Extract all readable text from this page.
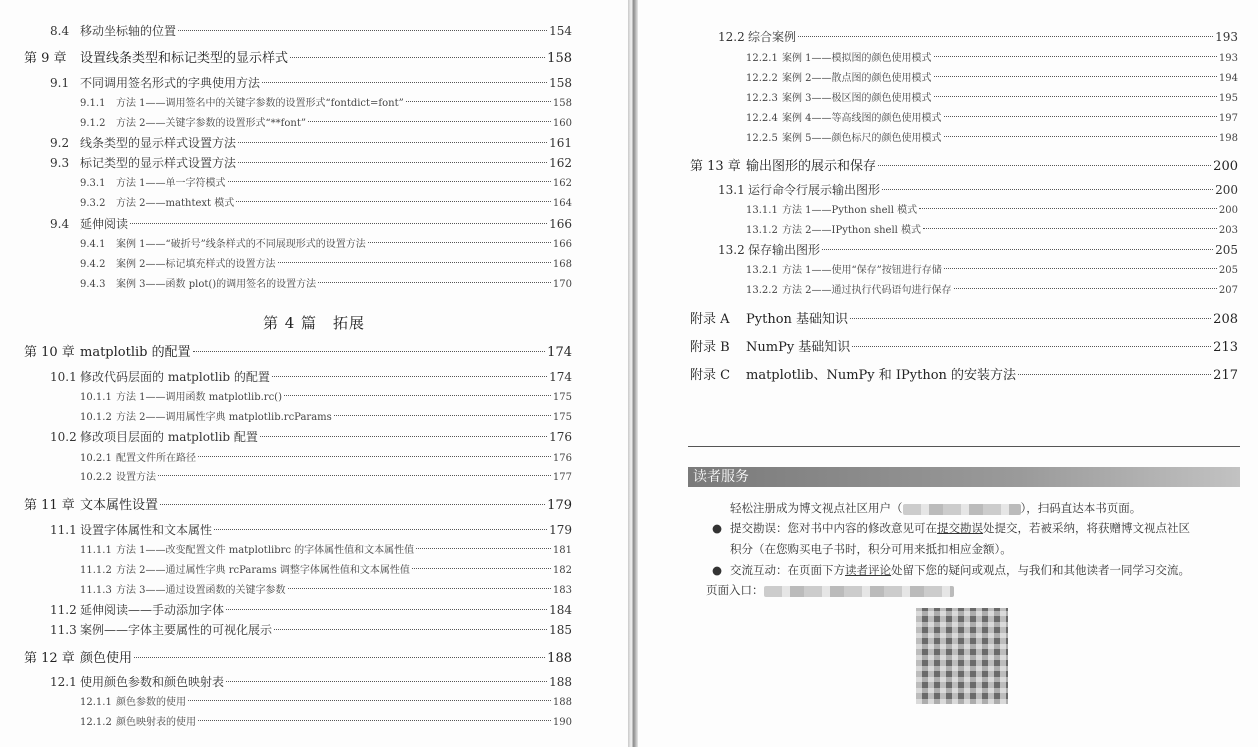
8.4 移动坐标轴的位置	154
第 9 章	设置线条类型和标记类型的显示样式	158
9.1 不同调用签名形式的字典使用方法	158
9.1.1	方法 1——调用签名中的关键字参数的设置形式“fontdict=font”	158
9.1.2	方法 2——关键字参数的设置形式“**font”	160
9.2 线条类型的显示样式设置方法	161
9.3 标记类型的显示样式设置方法	162
9.3.1	方法 1——单一字符模式	162
9.3.2	方法 2——mathtext 模式	164
9.4 延伸阅读	166
9.4.1	案例 1——“破折号”线条样式的不同展现形式的设置方法	166
9.4.2	案例 2——标记填充样式的设置方法	168
9.4.3	案例 3——函数 plot()的调用签名的设置方法	170
第 4 篇　拓展
第 10 章 matplotlib 的配置	174
10.1 修改代码层面的 matplotlib 的配置	174
10.1.1 方法 1——调用函数 matplotlib.rc()	175
10.1.2 方法 2——调用属性字典 matplotlib.rcParams	175
10.2 修改项目层面的 matplotlib 配置	176
10.2.1 配置文件所在路径	176
10.2.2 设置方法	177
第 11 章 文本属性设置	179
11.1 设置字体属性和文本属性	179
11.1.1 方法 1——改变配置文件 matplotlibrc 的字体属性值和文本属性值	181
11.1.2 方法 2——通过属性字典 rcParams 调整字体属性值和文本属性值	182
11.1.3 方法 3——通过设置函数的关键字参数	183
11.2 延伸阅读——手动添加字体	184
11.3 案例——字体主要属性的可视化展示	185
第 12 章 颜色使用	188
12.1 使用颜色参数和颜色映射表	188
12.1.1 颜色参数的使用	188
12.1.2 颜色映射表的使用	190
12.2 综合案例	193
12.2.1 案例 1——模拟图的颜色使用模式	193
12.2.2 案例 2——散点图的颜色使用模式	194
12.2.3 案例 3——极区图的颜色使用模式	195
12.2.4 案例 4——等高线图的颜色使用模式	197
12.2.5 案例 5——颜色标尺的颜色使用模式	198
第 13 章 输出图形的展示和保存	200
13.1 运行命令行展示输出图形	200
13.1.1 方法 1——Python shell 模式	200
13.1.2 方法 2——IPython shell 模式	203
13.2 保存输出图形	205
13.2.1 方法 1——使用“保存”按钮进行存储	205
13.2.2 方法 2——通过执行代码语句进行保存	207
附录 A	Python 基础知识	208
附录 B	NumPy 基础知识	213
附录 C	matplotlib、NumPy 和 IPython 的安装方法	217
读者服务
轻松注册成为博文视点社区用户（	），扫码直达本书页面。
● 提交勘误：您对书中内容的修改意见可在提交勘误处提交，若被采纳，将获赠博文视点社区
积分（在您购买电子书时，积分可用来抵扣相应金额）。
● 交流互动：在页面下方读者评论处留下您的疑问或观点，与我们和其他读者一同学习交流。
页面入口：
